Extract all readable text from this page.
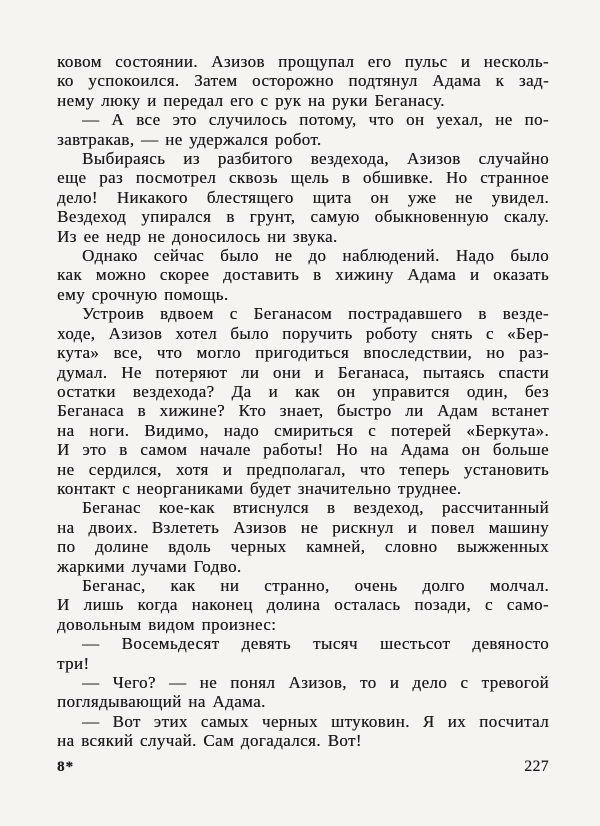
ковом состоянии. Азизов прощупал его пульс и несколь-
ко успокоился. Затем осторожно подтянул Адама к зад-
нему люку и передал его с рук на руки Беганасу.
— А все это случилось потому, что он уехал, не по-
завтракав, — не удержался робот.
Выбираясь из разбитого вездехода, Азизов случайно
еще раз посмотрел сквозь щель в обшивке. Но странное
дело! Никакого блестящего щита он уже не увидел.
Вездеход упирался в грунт, самую обыкновенную скалу.
Из ее недр не доносилось ни звука.
Однако сейчас было не до наблюдений. Надо было
как можно скорее доставить в хижину Адама и оказать
ему срочную помощь.
Устроив вдвоем с Беганасом пострадавшего в везде-
ходе, Азизов хотел было поручить роботу снять с «Бер-
кута» все, что могло пригодиться впоследствии, но раз-
думал. Не потеряют ли они и Беганаса, пытаясь спасти
остатки вездехода? Да и как он управится один, без
Беганаса в хижине? Кто знает, быстро ли Адам встанет
на ноги. Видимо, надо смириться с потерей «Беркута».
И это в самом начале работы! Но на Адама он больше
не сердился, хотя и предполагал, что теперь установить
контакт с неорганиками будет значительно труднее.
Беганас кое-как втиснулся в вездеход, рассчитанный
на двоих. Взлететь Азизов не рискнул и повел машину
по долине вдоль черных камней, словно выжженных
жаркими лучами Годво.
Беганас, как ни странно, очень долго молчал.
И лишь когда наконец долина осталась позади, с само-
довольным видом произнес:
— Восемьдесят девять тысяч шестьсот девяносто
три!
— Чего? — не понял Азизов, то и дело с тревогой
поглядывающий на Адама.
— Вот этих самых черных штуковин. Я их посчитал
на всякий случай. Сам догадался. Вот!
8*	227
